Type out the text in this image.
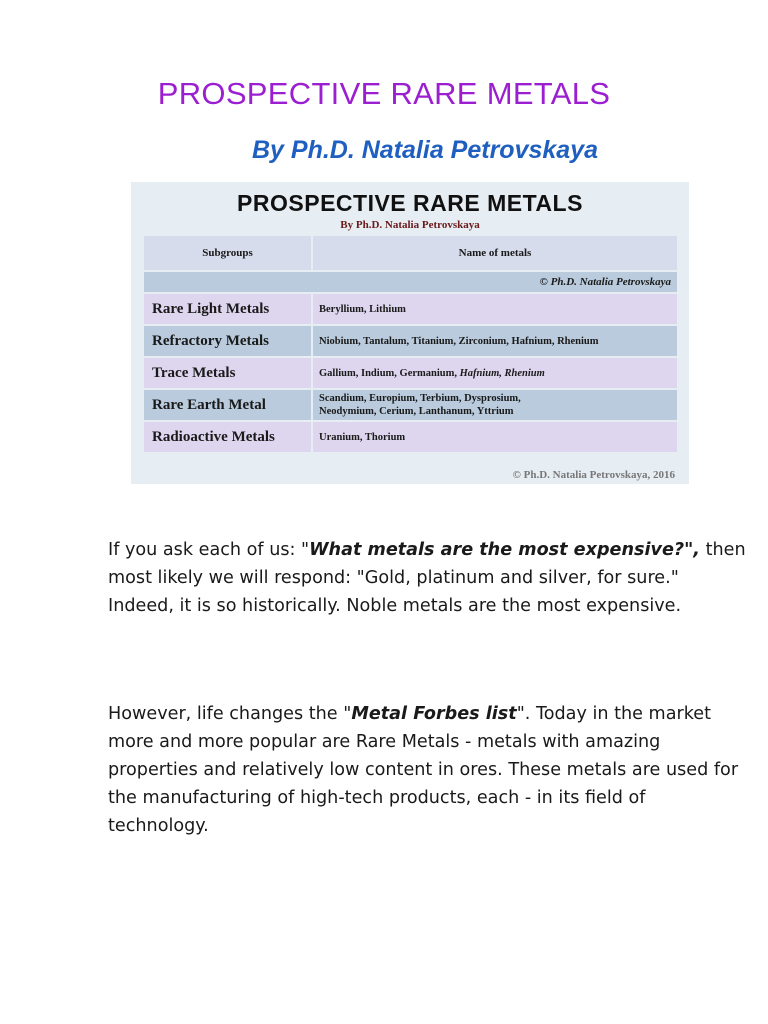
PROSPECTIVE RARE METALS
By Ph.D. Natalia Petrovskaya
PROSPECTIVE RARE METALS
By Ph.D. Natalia Petrovskaya
Subgroups	Name of metals
© Ph.D. Natalia Petrovskaya	
Rare Light Metals	Beryllium, Lithium
Refractory Metals	Niobium, Tantalum, Titanium, Zirconium, Hafnium, Rhenium
Trace Metals	Gallium, Indium, Germanium, Hafnium, Rhenium
Rare Earth Metal	Scandium, Europium, Terbium, Dysprosium,
Neodymium, Cerium, Lanthanum, Yttrium
Radioactive Metals	Uranium, Thorium
© Ph.D. Natalia Petrovskaya, 2016

If you ask each of us: "What metals are the most expensive?", then most likely we will respond: "Gold, platinum and silver, for sure." Indeed, it is so historically. Noble metals are the most expensive.

However, life changes the "Metal Forbes list". Today in the market more and more popular are Rare Metals - metals with amazing properties and relatively low content in ores. These metals are used for the manufacturing of high-tech products, each - in its field of technology.
